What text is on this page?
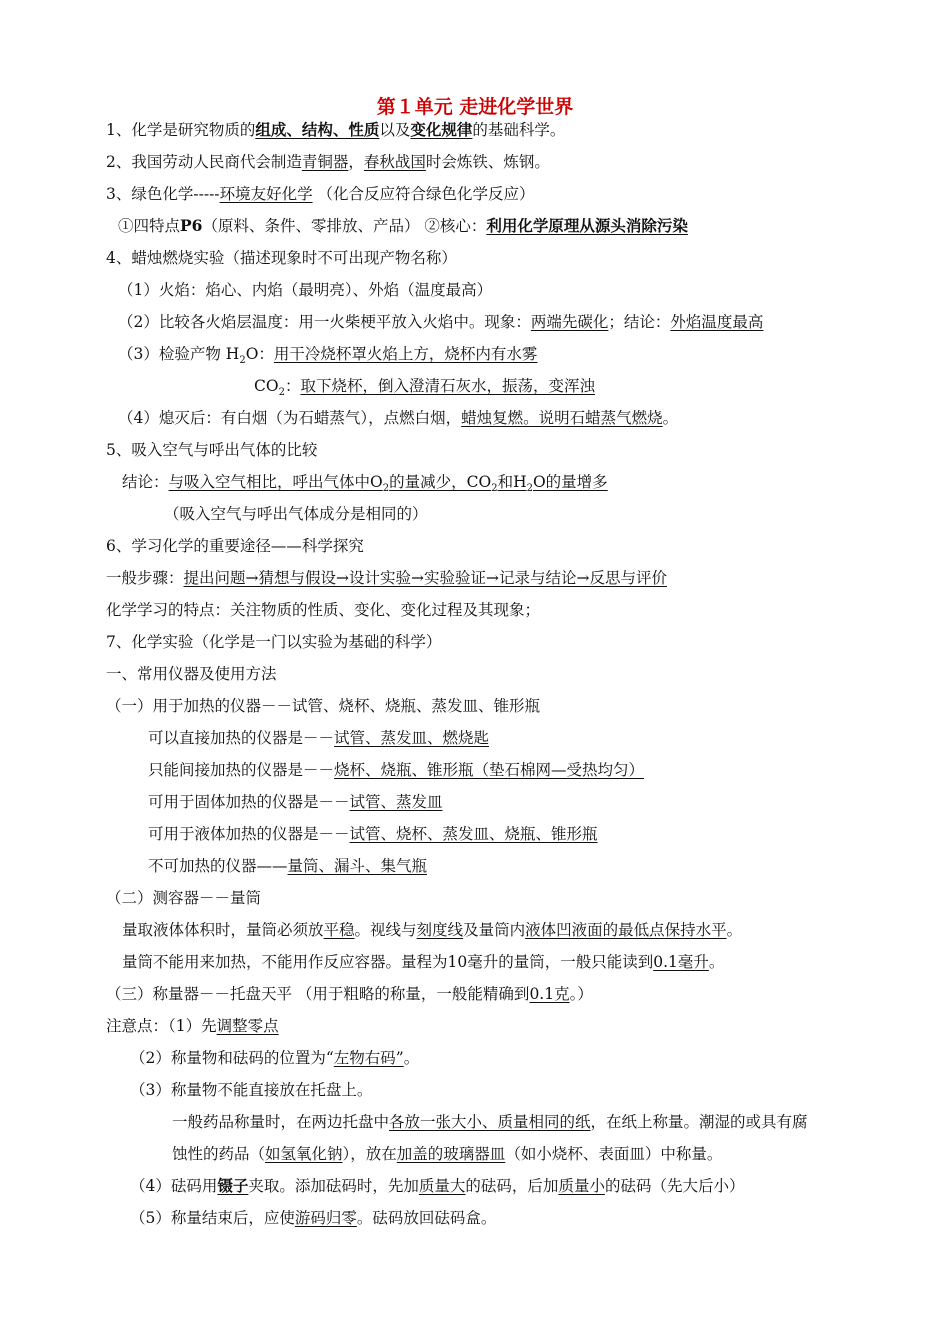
第１单元 走进化学世界
1、化学是研究物质的组成、结构、性质以及变化规律的基础科学。
2、我国劳动人民商代会制造青铜器，春秋战国时会炼铁、炼钢。
3、绿色化学-----环境友好化学 （化合反应符合绿色化学反应）
①四特点P6（原料、条件、零排放、产品） ②核心：利用化学原理从源头消除污染
4、蜡烛燃烧实验（描述现象时不可出现产物名称）
（1）火焰：焰心、内焰（最明亮）、外焰（温度最高）
（2）比较各火焰层温度：用一火柴梗平放入火焰中。现象：两端先碳化；结论：外焰温度最高
（3）检验产物 $H_2O$：用干冷烧杯罩火焰上方，烧杯内有水雾
$CO_2$：取下烧杯，倒入澄清石灰水，振荡，变浑浊
（4）熄灭后：有白烟（为石蜡蒸气），点燃白烟，蜡烛复燃。说明石蜡蒸气燃烧。
5、吸入空气与呼出气体的比较
结论：与吸入空气相比，呼出气体中$O_2$的量减少，$CO_2$和$H_2O$的量增多
（吸入空气与呼出气体成分是相同的）
6、学习化学的重要途径——科学探究
一般步骤：提出问题→猜想与假设→设计实验→实验验证→记录与结论→反思与评价
化学学习的特点：关注物质的性质、变化、变化过程及其现象；
7、化学实验（化学是一门以实验为基础的科学）
一、常用仪器及使用方法
（一）用于加热的仪器－－试管、烧杯、烧瓶、蒸发皿、锥形瓶
可以直接加热的仪器是－－试管、蒸发皿、燃烧匙
只能间接加热的仪器是－－烧杯、烧瓶、锥形瓶（垫石棉网—受热均匀）
可用于固体加热的仪器是－－试管、蒸发皿
可用于液体加热的仪器是－－试管、烧杯、蒸发皿、烧瓶、锥形瓶
不可加热的仪器——量筒、漏斗、集气瓶
（二）测容器－－量筒
量取液体体积时，量筒必须放平稳。视线与刻度线及量筒内液体凹液面的最低点保持水平。
量筒不能用来加热，不能用作反应容器。量程为10毫升的量筒，一般只能读到0.1毫升。
（三）称量器－－托盘天平 （用于粗略的称量，一般能精确到0.1克。）
注意点：（1）先调整零点
（2）称量物和砝码的位置为“左物右码”。
（3）称量物不能直接放在托盘上。
一般药品称量时，在两边托盘中各放一张大小、质量相同的纸，在纸上称量。潮湿的或具有腐
蚀性的药品（如氢氧化钠），放在加盖的玻璃器皿（如小烧杯、表面皿）中称量。
（4）砝码用镊子夹取。添加砝码时，先加质量大的砝码，后加质量小的砝码（先大后小）
（5）称量结束后，应使游码归零。砝码放回砝码盒。
